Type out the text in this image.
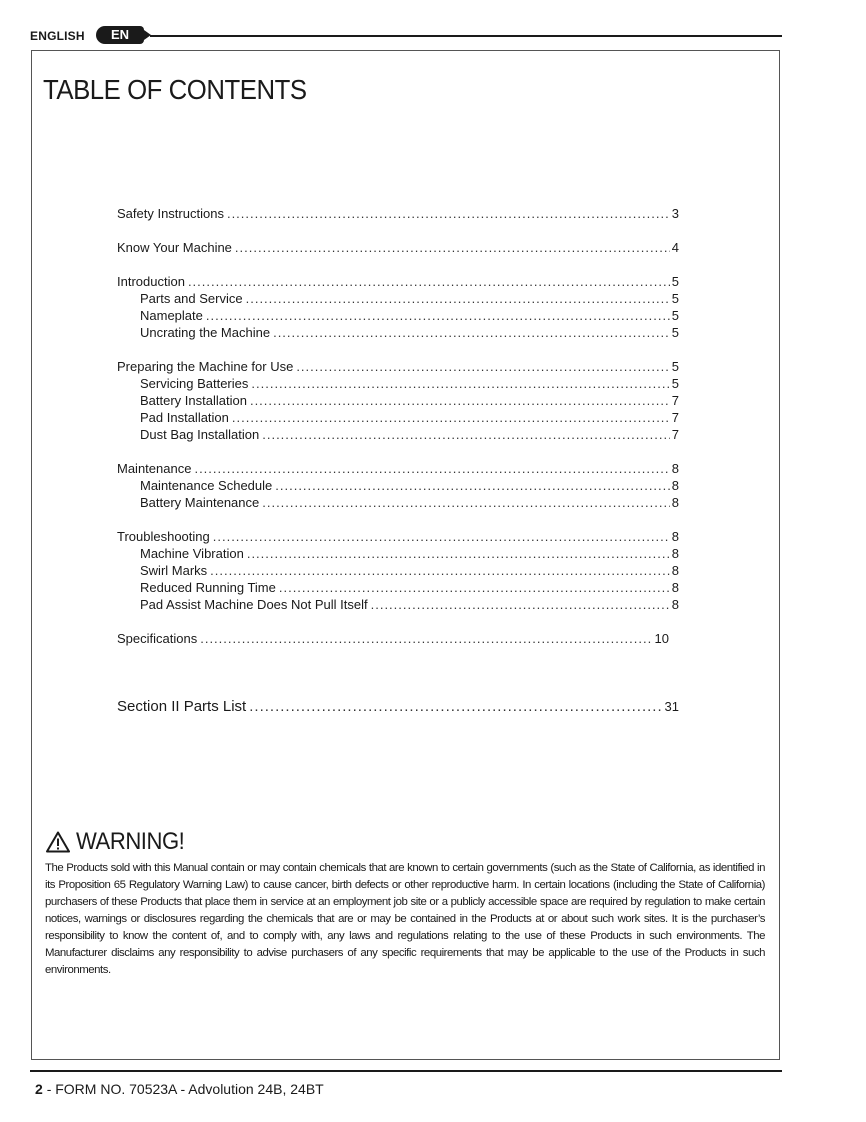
ENGLISH	EN
TABLE OF CONTENTS
Safety Instructions .....	3
Know Your Machine .....	4
Introduction .....	5
Parts and Service .....	5
Nameplate .....	5
Uncrating the Machine .....	5
Preparing the Machine for Use .....	5
Servicing Batteries .....	5
Battery Installation .....	7
Pad Installation .....	7
Dust Bag Installation .....	7
Maintenance .....	8
Maintenance Schedule .....	8
Battery Maintenance .....	8
Troubleshooting .....	8
Machine Vibration .....	8
Swirl Marks .....	8
Reduced Running Time .....	8
Pad Assist Machine Does Not Pull Itself .....	8
Specifications .....	10
Section II Parts List .....	31
WARNING!

The Products sold with this Manual contain or may contain chemicals that are known to certain governments (such as the State of California, as identified in its Proposition 65 Regulatory Warning Law) to cause cancer, birth defects or other reproductive harm. In certain locations (including the State of California) purchasers of these Products that place them in service at an employment job site or a publicly accessible space are required by regulation to make certain notices, warnings or disclosures regarding the chemicals that are or may be contained in the Products at or about such work sites. It is the purchaser’s responsibility to know the content of, and to comply with, any laws and regulations relating to the use of these Products in such environments. The Manufacturer disclaims any responsibility to advise purchasers of any specific requirements that may be applicable to the use of the Products in such environments.

2 - FORM NO. 70523A - Advolution 24B, 24BT
